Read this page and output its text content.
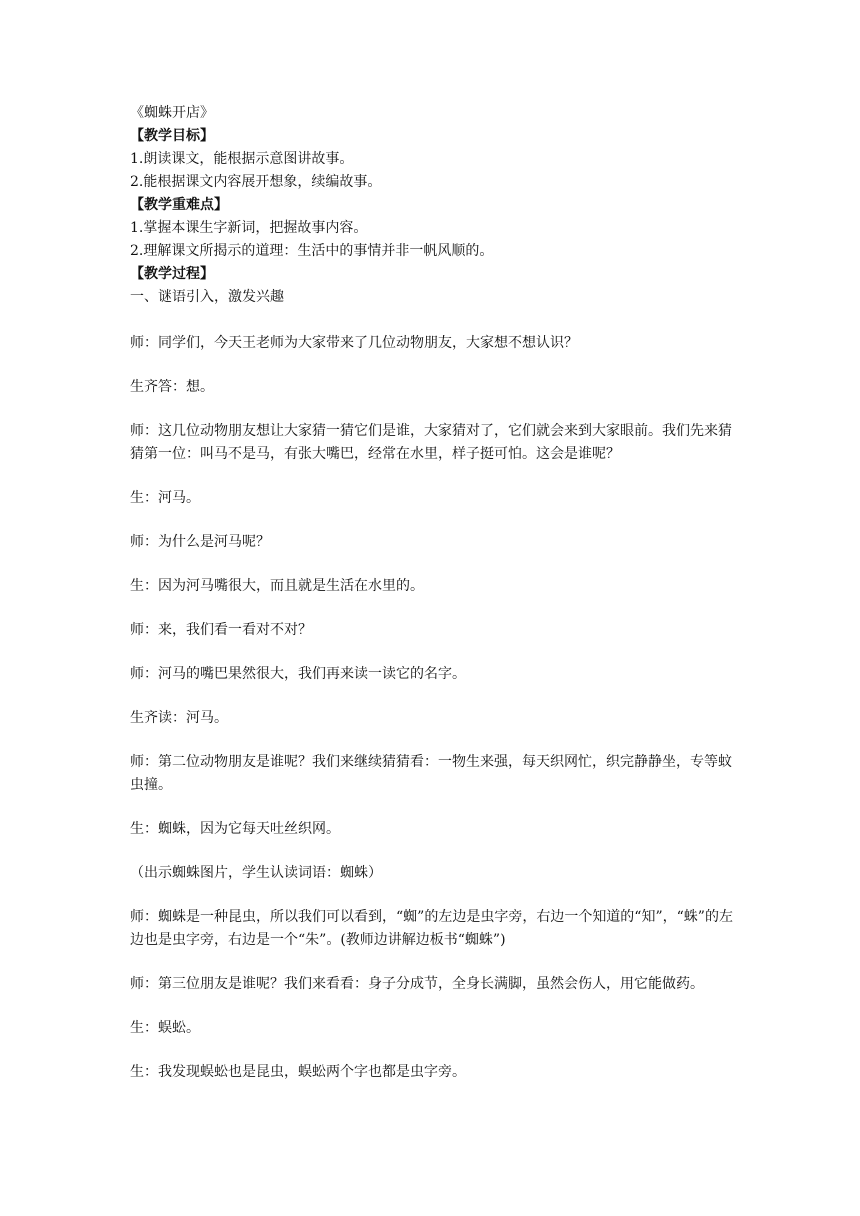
《蜘蛛开店》
【教学目标】
1.朗读课文，能根据示意图讲故事。
2.能根据课文内容展开想象，续编故事。
【教学重难点】
1.掌握本课生字新词，把握故事内容。
2.理解课文所揭示的道理：生活中的事情并非一帆风顺的。
【教学过程】
一、谜语引入，激发兴趣
师：同学们，今天王老师为大家带来了几位动物朋友，大家想不想认识？
生齐答：想。
师：这几位动物朋友想让大家猜一猜它们是谁，大家猜对了，它们就会来到大家眼前。我们先来猜猜第一位：叫马不是马，有张大嘴巴，经常在水里，样子挺可怕。这会是谁呢？
生：河马。
师：为什么是河马呢？
生：因为河马嘴很大，而且就是生活在水里的。
师：来，我们看一看对不对？
师：河马的嘴巴果然很大，我们再来读一读它的名字。
生齐读：河马。
师：第二位动物朋友是谁呢？我们来继续猜猜看：一物生来强，每天织网忙，织完静静坐，专等蚊虫撞。
生：蜘蛛，因为它每天吐丝织网。
（出示蜘蛛图片，学生认读词语：蜘蛛）
师：蜘蛛是一种昆虫，所以我们可以看到，“蜘”的左边是虫字旁，右边一个知道的“知”，“蛛”的左边也是虫字旁，右边是一个“朱”。(教师边讲解边板书“蜘蛛”)
师：第三位朋友是谁呢？我们来看看：身子分成节，全身长满脚，虽然会伤人，用它能做药。
生：蜈蚣。
生：我发现蜈蚣也是昆虫，蜈蚣两个字也都是虫字旁。
